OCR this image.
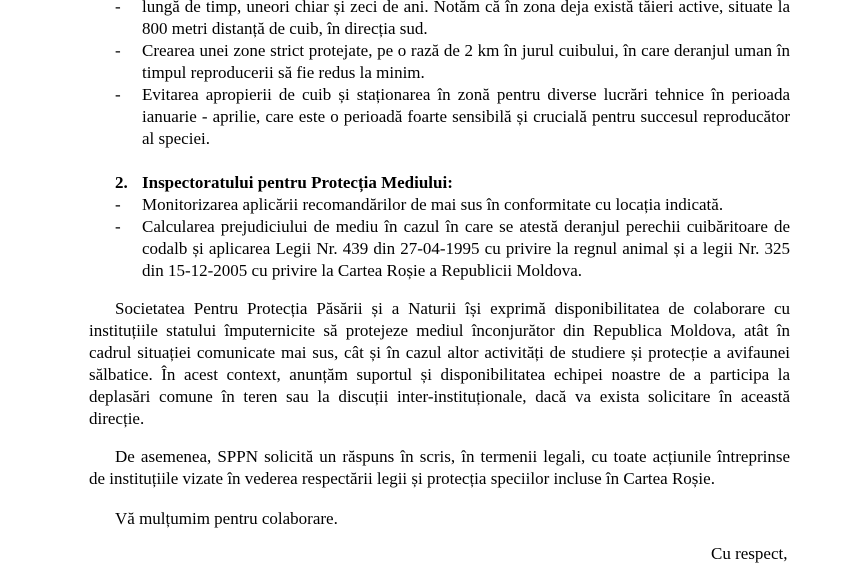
- lungă de timp, uneori chiar și zeci de ani. Notăm că în zona deja există tăieri active, situate la
800 metri distanță de cuib, în direcția sud.
- Crearea unei zone strict protejate, pe o rază de 2 km în jurul cuibului, în care deranjul uman în
timpul reproducerii să fie redus la minim.
- Evitarea apropierii de cuib și staționarea în zonă pentru diverse lucrări tehnice în perioada
ianuarie - aprilie, care este o perioadă foarte sensibilă și crucială pentru succesul reproducător
al speciei.
2. Inspectoratului pentru Protecția Mediului:
- Monitorizarea aplicării recomandărilor de mai sus în conformitate cu locația indicată.
- Calcularea prejudiciului de mediu în cazul în care se atestă deranjul perechii cuibăritoare de
codalb și aplicarea Legii Nr. 439 din 27-04-1995 cu privire la regnul animal și a legii Nr. 325
din 15-12-2005 cu privire la Cartea Roșie a Republicii Moldova.
Societatea Pentru Protecția Păsării și a Naturii își exprimă disponibilitatea de colaborare cu
instituțiile statului împuternicite să protejeze mediul înconjurător din Republica Moldova, atât în
cadrul situației comunicate mai sus, cât și în cazul altor activități de studiere și protecție a avifaunei
sălbatice. În acest context, anunțăm suportul și disponibilitatea echipei noastre de a participa la
deplasări comune în teren sau la discuții inter-instituționale, dacă va exista solicitare în această
direcție.
De asemenea, SPPN solicită un răspuns în scris, în termenii legali, cu toate acțiunile întreprinse
de instituțiile vizate în vederea respectării legii și protecția speciilor incluse în Cartea Roșie.
Vă mulțumim pentru colaborare.
Cu respect,
